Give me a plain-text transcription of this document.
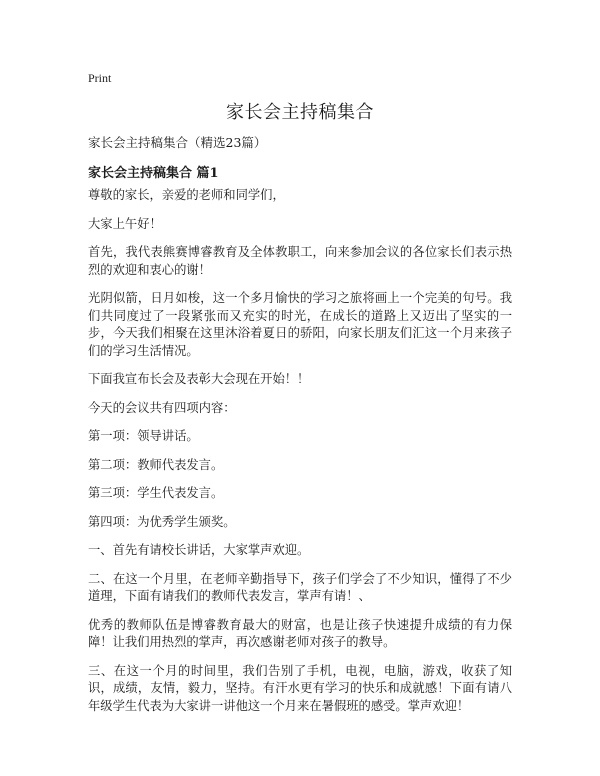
Print
家长会主持稿集合

家长会主持稿集合（精选23篇）

家长会主持稿集合 篇1

尊敬的家长，亲爱的老师和同学们，

大家上午好！

首先，我代表熊赛博睿教育及全体教职工，向来参加会议的各位家长们表示热烈的欢迎和衷心的谢！

光阴似箭，日月如梭，这一个多月愉快的学习之旅将画上一个完美的句号。我们共同度过了一段紧张而又充实的时光，在成长的道路上又迈出了坚实的一步，今天我们相聚在这里沐浴着夏日的骄阳，向家长朋友们汇这一个月来孩子们的学习生活情况。

下面我宣布长会及表彰大会现在开始！！

今天的会议共有四项内容：

第一项：领导讲话。

第二项：教师代表发言。

第三项：学生代表发言。

第四项：为优秀学生颁奖。

一、首先有请校长讲话，大家掌声欢迎。

二、在这一个月里，在老师辛勤指导下，孩子们学会了不少知识，懂得了不少道理，下面有请我们的教师代表发言，掌声有请！、

优秀的教师队伍是博睿教育最大的财富，也是让孩子快速提升成绩的有力保障！让我们用热烈的掌声，再次感谢老师对孩子的教导。

三、在这一个月的时间里，我们告别了手机，电视，电脑，游戏，收获了知识，成绩，友情，毅力，坚持。有汗水更有学习的快乐和成就感！下面有请八年级学生代表为大家讲一讲他这一个月来在暑假班的感受。掌声欢迎！
